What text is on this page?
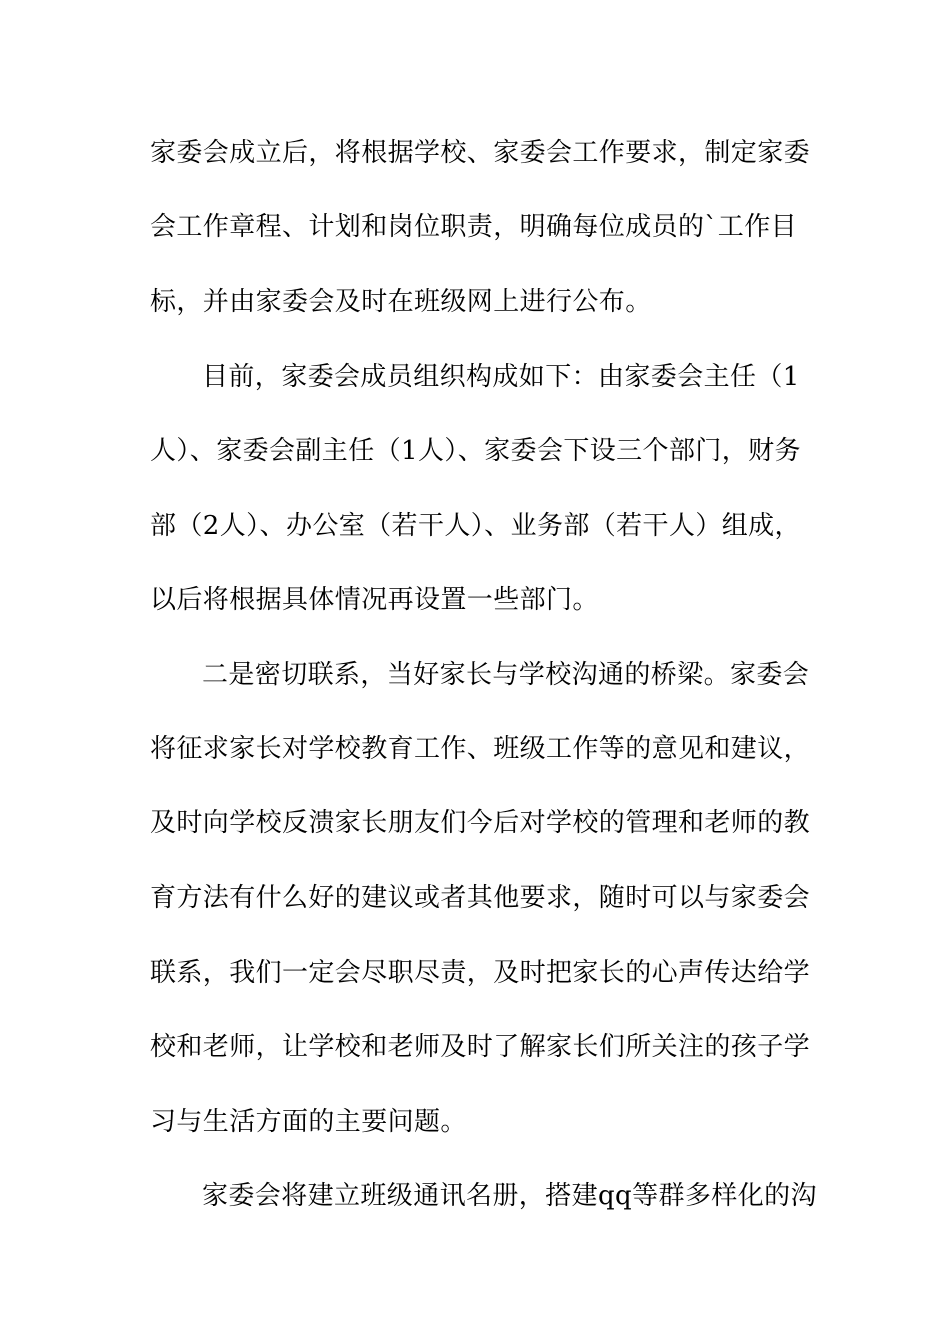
家委会成立后，将根据学校、家委会工作要求，制定家委
会工作章程、计划和岗位职责，明确每位成员的`工作目
标，并由家委会及时在班级网上进行公布。
目前，家委会成员组织构成如下：由家委会主任（1
人）、家委会副主任（1人）、家委会下设三个部门，财务
部（2人）、办公室（若干人）、业务部（若干人）组成，
以后将根据具体情况再设置一些部门。
二是密切联系，当好家长与学校沟通的桥梁。家委会
将征求家长对学校教育工作、班级工作等的意见和建议，
及时向学校反溃家长朋友们今后对学校的管理和老师的教
育方法有什么好的建议或者其他要求，随时可以与家委会
联系，我们一定会尽职尽责，及时把家长的心声传达给学
校和老师，让学校和老师及时了解家长们所关注的孩子学
习与生活方面的主要问题。
家委会将建立班级通讯名册，搭建qq等群多样化的沟
